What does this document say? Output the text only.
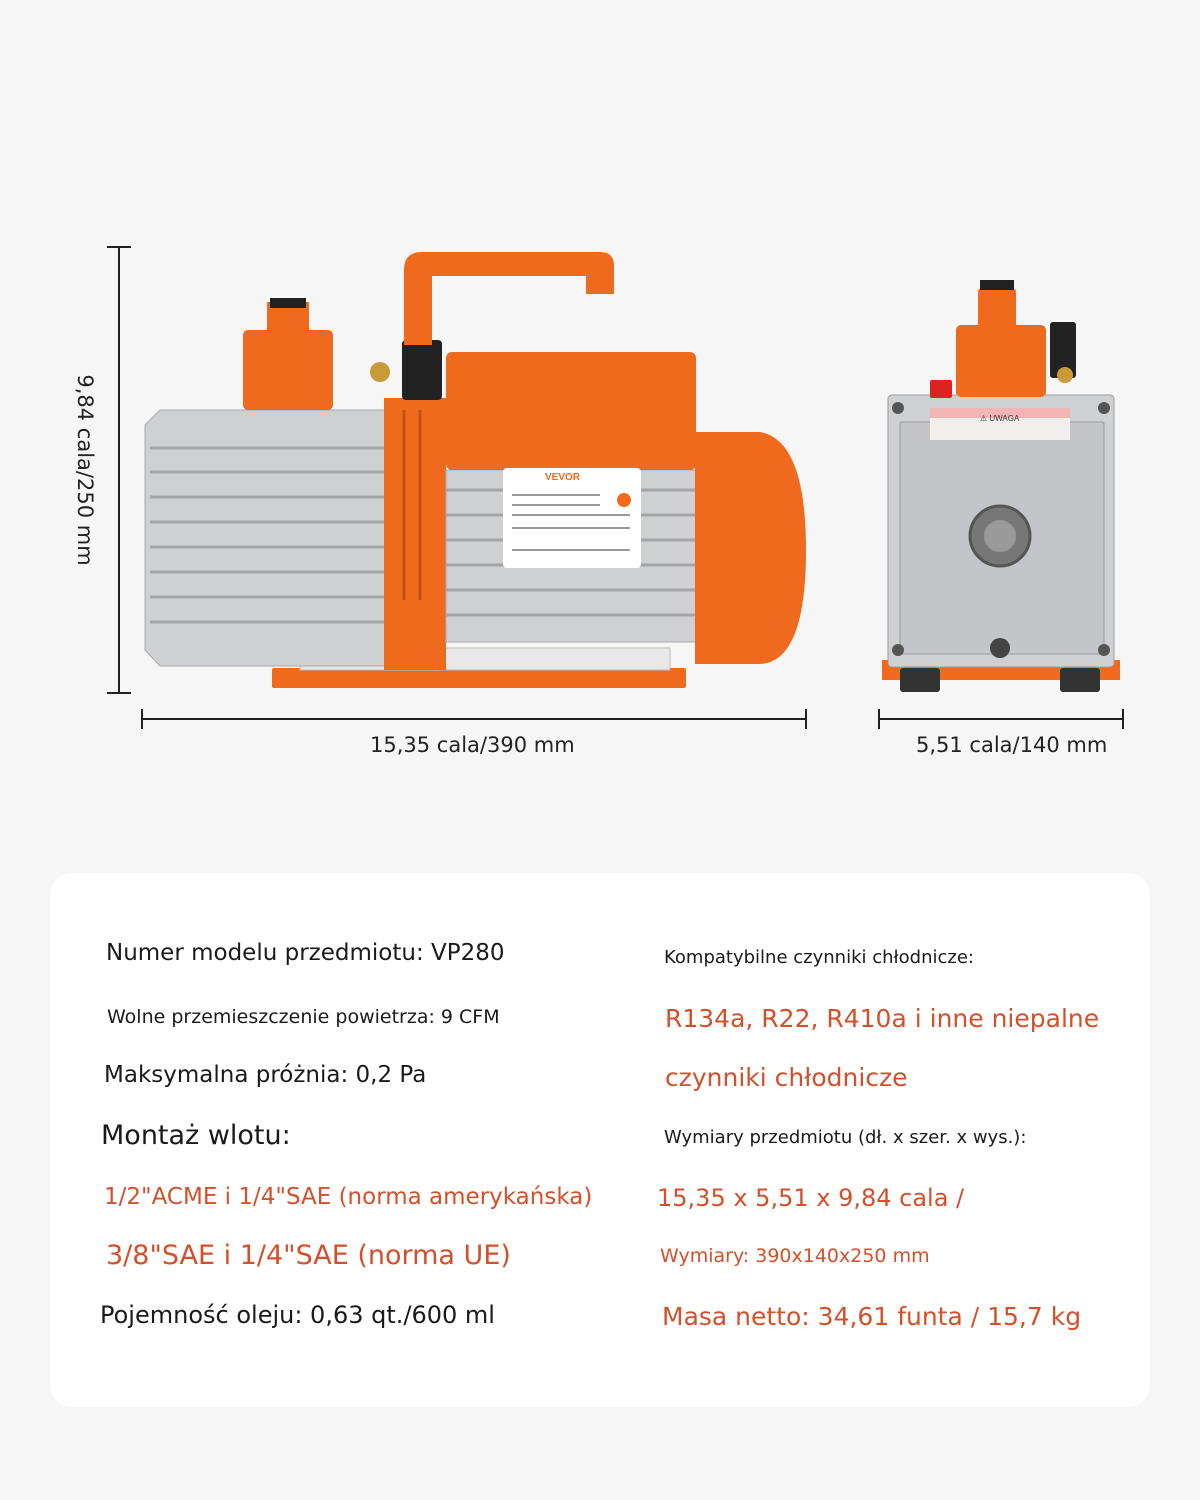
9,84 cala/250 mm
15,35 cala/390 mm	5,51 cala/140 mm
VEVOR
⚠ UWAGA
Numer modelu przedmiotu: VP280
Wolne przemieszczenie powietrza: 9 CFM
Maksymalna próżnia: 0,2 Pa
Montaż wlotu:
1/2"ACME i 1/4"SAE (norma amerykańska)
3/8"SAE i 1/4"SAE (norma UE)
Pojemność oleju: 0,63 qt./600 ml
Kompatybilne czynniki chłodnicze:
R134a, R22, R410a i inne niepalne
czynniki chłodnicze
Wymiary przedmiotu (dł. x szer. x wys.):
15,35 x 5,51 x 9,84 cala /
Wymiary: 390x140x250 mm
Masa netto: 34,61 funta / 15,7 kg
